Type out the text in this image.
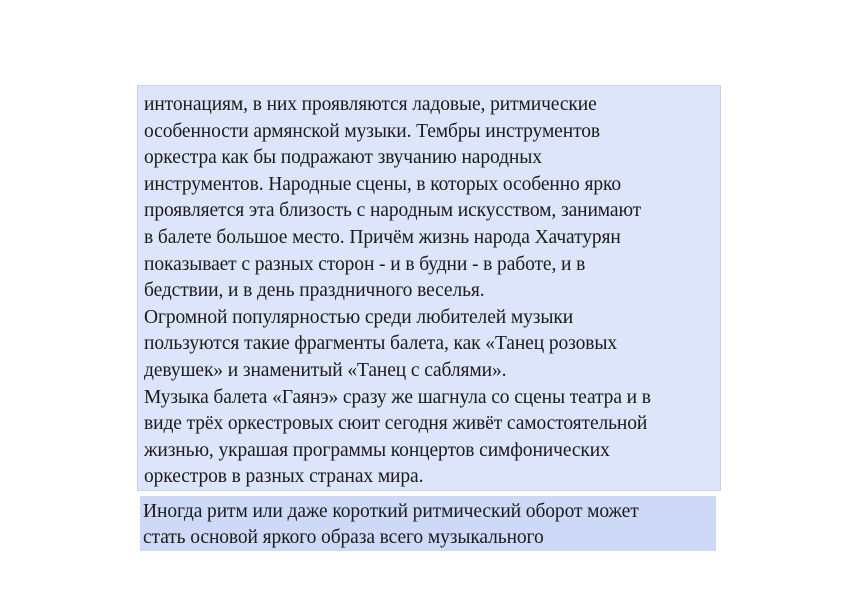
интонациям, в них проявляются ладовые, ритмические
особенности армянской музыки. Тембры инструментов
оркестра как бы подражают звучанию народных
инструментов. Народные сцены, в которых особенно ярко
проявляется эта близость с народным искусством, занимают
в балете большое место. Причём жизнь народа Хачатурян
показывает с разных сторон - и в будни - в работе, и в
бедствии, и в день праздничного веселья.
Огромной популярностью среди любителей музыки
пользуются такие фрагменты балета, как «Танец розовых
девушек» и знаменитый «Танец с саблями».
Музыка балета «Гаянэ» сразу же шагнула со сцены театра и в
виде трёх оркестровых сюит сегодня живёт самостоятельной
жизнью, украшая программы концертов симфонических
оркестров в разных странах мира.
Иногда ритм или даже короткий ритмический оборот может
стать основой яркого образа всего музыкального
